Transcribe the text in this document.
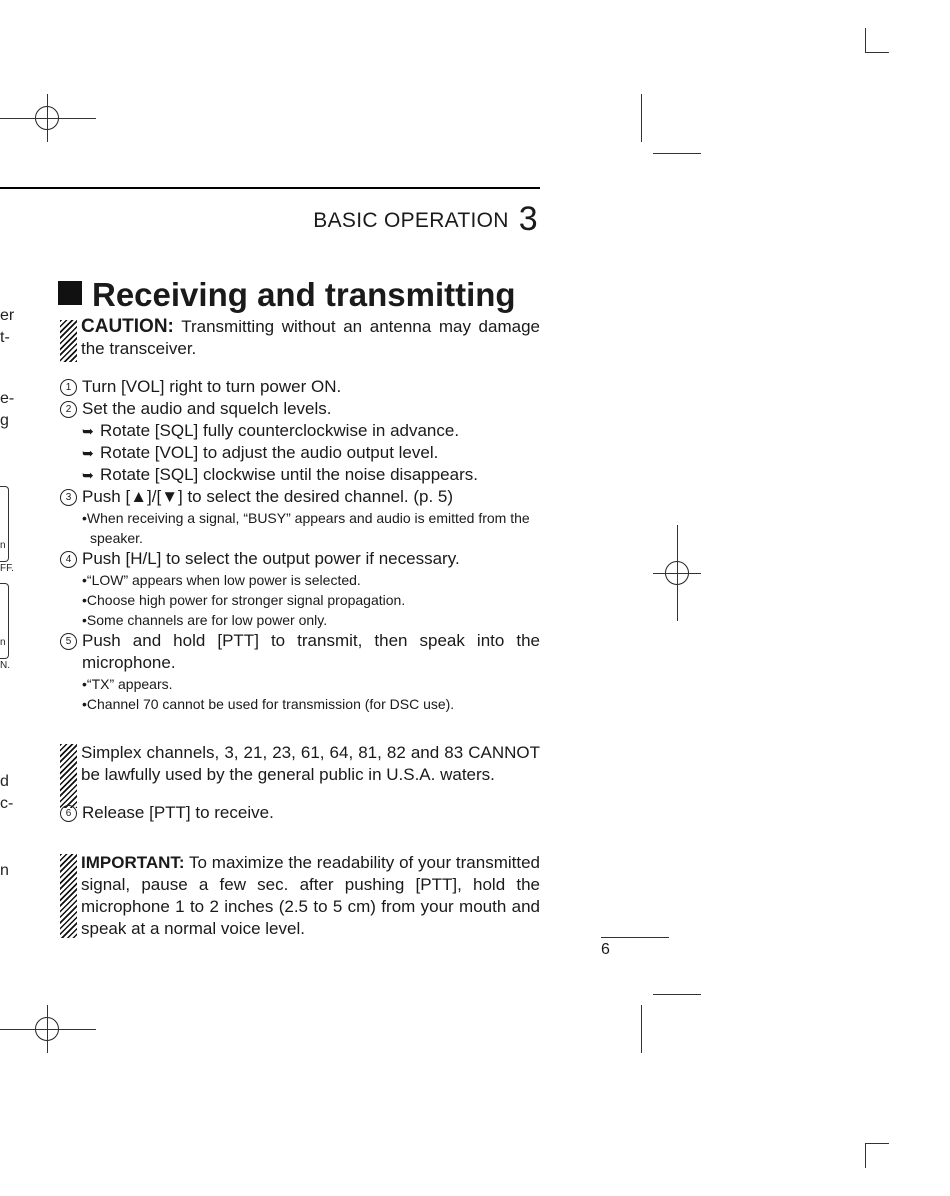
BASIC OPERATION 3
er
t-
e-
g
n
FF.
n
N.
d
c-
n
Receiving and transmitting
CAUTION: Transmitting without an antenna may damage the transceiver.
1 Turn [VOL] right to turn power ON.
2 Set the audio and squelch levels.
➥ Rotate [SQL] fully counterclockwise in advance.
➥ Rotate [VOL] to adjust the audio output level.
➥ Rotate [SQL] clockwise until the noise disappears.
3 Push [▲]/[▼] to select the desired channel. (p. 5)
•When receiving a signal, “BUSY” appears and audio is emitted from the speaker.
4 Push [H/L] to select the output power if necessary.
•“LOW” appears when low power is selected.
•Choose high power for stronger signal propagation.
•Some channels are for low power only.
5 Push and hold [PTT] to transmit, then speak into the microphone.
•“TX” appears.
•Channel 70 cannot be used for transmission (for DSC use).
Simplex channels, 3, 21, 23, 61, 64, 81, 82 and 83 CANNOT be lawfully used by the general public in U.S.A. waters.
6 Release [PTT] to receive.
IMPORTANT: To maximize the readability of your transmitted signal, pause a few sec. after pushing [PTT], hold the microphone 1 to 2 inches (2.5 to 5 cm) from your mouth and speak at a normal voice level.
6
